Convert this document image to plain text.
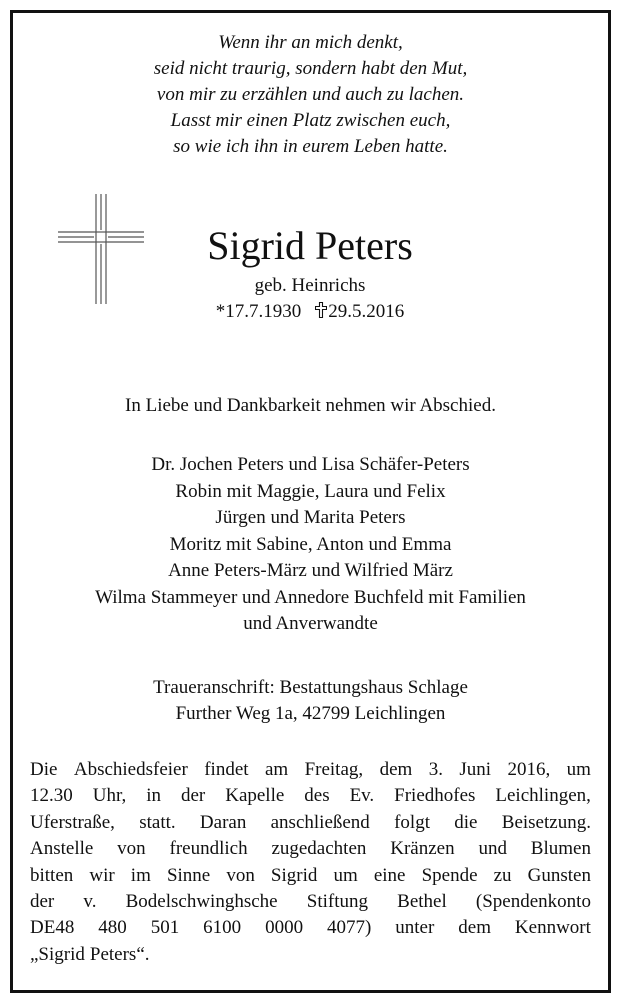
Wenn ihr an mich denkt,
seid nicht traurig, sondern habt den Mut,
von mir zu erzählen und auch zu lachen.
Lasst mir einen Platz zwischen euch,
so wie ich ihn in eurem Leben hatte.
Sigrid Peters
geb. Heinrichs
*17.7.1930 29.5.2016
In Liebe und Dankbarkeit nehmen wir Abschied.
Dr. Jochen Peters und Lisa Schäfer-Peters
Robin mit Maggie, Laura und Felix
Jürgen und Marita Peters
Moritz mit Sabine, Anton und Emma
Anne Peters-März und Wilfried März
Wilma Stammeyer und Annedore Buchfeld mit Familien
und Anverwandte
Traueranschrift: Bestattungshaus Schlage
Further Weg 1a, 42799 Leichlingen
Die Abschiedsfeier findet am Freitag, dem 3. Juni 2016, um
12.30 Uhr, in der Kapelle des Ev. Friedhofes Leichlingen,
Uferstraße, statt. Daran anschließend folgt die Beisetzung.
Anstelle von freundlich zugedachten Kränzen und Blumen
bitten wir im Sinne von Sigrid um eine Spende zu Gunsten
der v. Bodelschwinghsche Stiftung Bethel (Spendenkonto
DE48 480 501 6100 0000 4077) unter dem Kennwort
„Sigrid Peters“.
